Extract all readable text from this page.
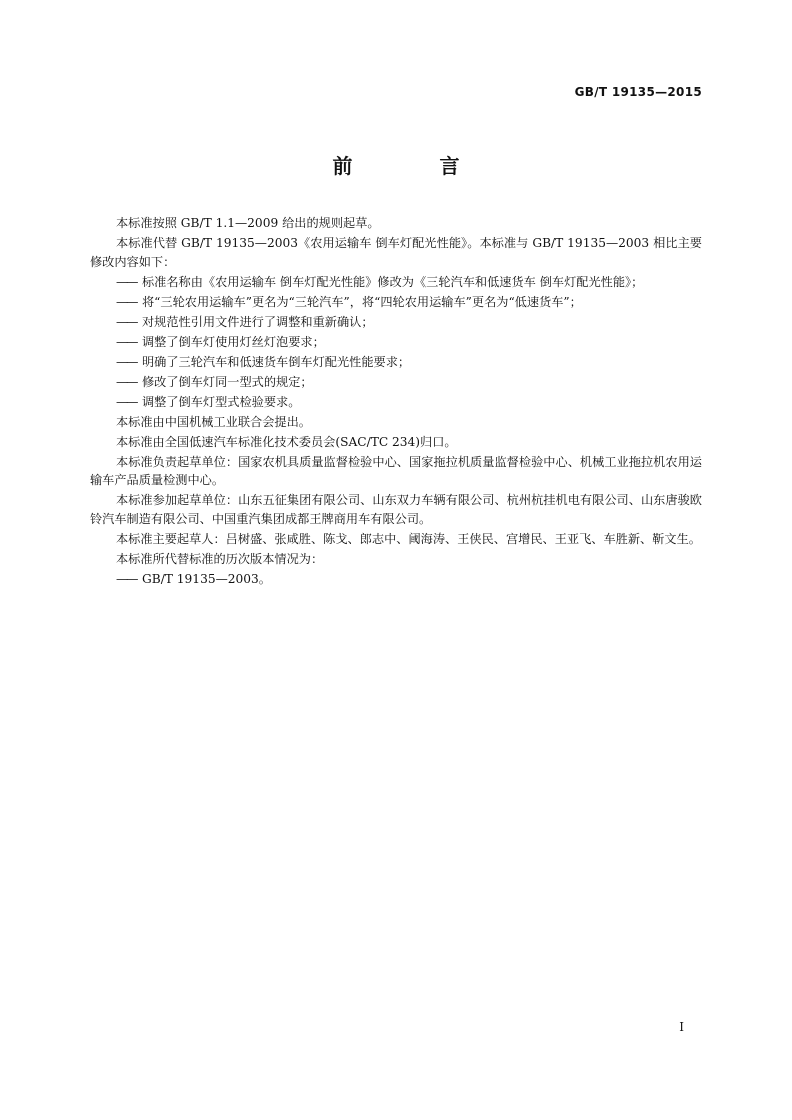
GB/T 19135—2015
前 言

本标准按照 GB/T 1.1—2009 给出的规则起草。

本标准代替 GB/T 19135—2003《农用运输车 倒车灯配光性能》。本标准与 GB/T 19135—2003 相比主要修改内容如下：

—— 标准名称由《农用运输车 倒车灯配光性能》修改为《三轮汽车和低速货车 倒车灯配光性能》；

—— 将“三轮农用运输车”更名为“三轮汽车”，将“四轮农用运输车”更名为“低速货车”；

—— 对规范性引用文件进行了调整和重新确认；

—— 调整了倒车灯使用灯丝灯泡要求；

—— 明确了三轮汽车和低速货车倒车灯配光性能要求；

—— 修改了倒车灯同一型式的规定；

—— 调整了倒车灯型式检验要求。

本标准由中国机械工业联合会提出。

本标准由全国低速汽车标准化技术委员会(SAC/TC 234)归口。

本标准负责起草单位：国家农机具质量监督检验中心、国家拖拉机质量监督检验中心、机械工业拖拉机农用运输车产品质量检测中心。

本标准参加起草单位：山东五征集团有限公司、山东双力车辆有限公司、杭州杭挂机电有限公司、山东唐骏欧铃汽车制造有限公司、中国重汽集团成都王牌商用车有限公司。

本标准主要起草人：吕树盛、张咸胜、陈戈、郎志中、阈海涛、王侠民、宫增民、王亚飞、车胜新、靳文生。

本标准所代替标准的历次版本情况为：

—— GB/T 19135—2003。

I
